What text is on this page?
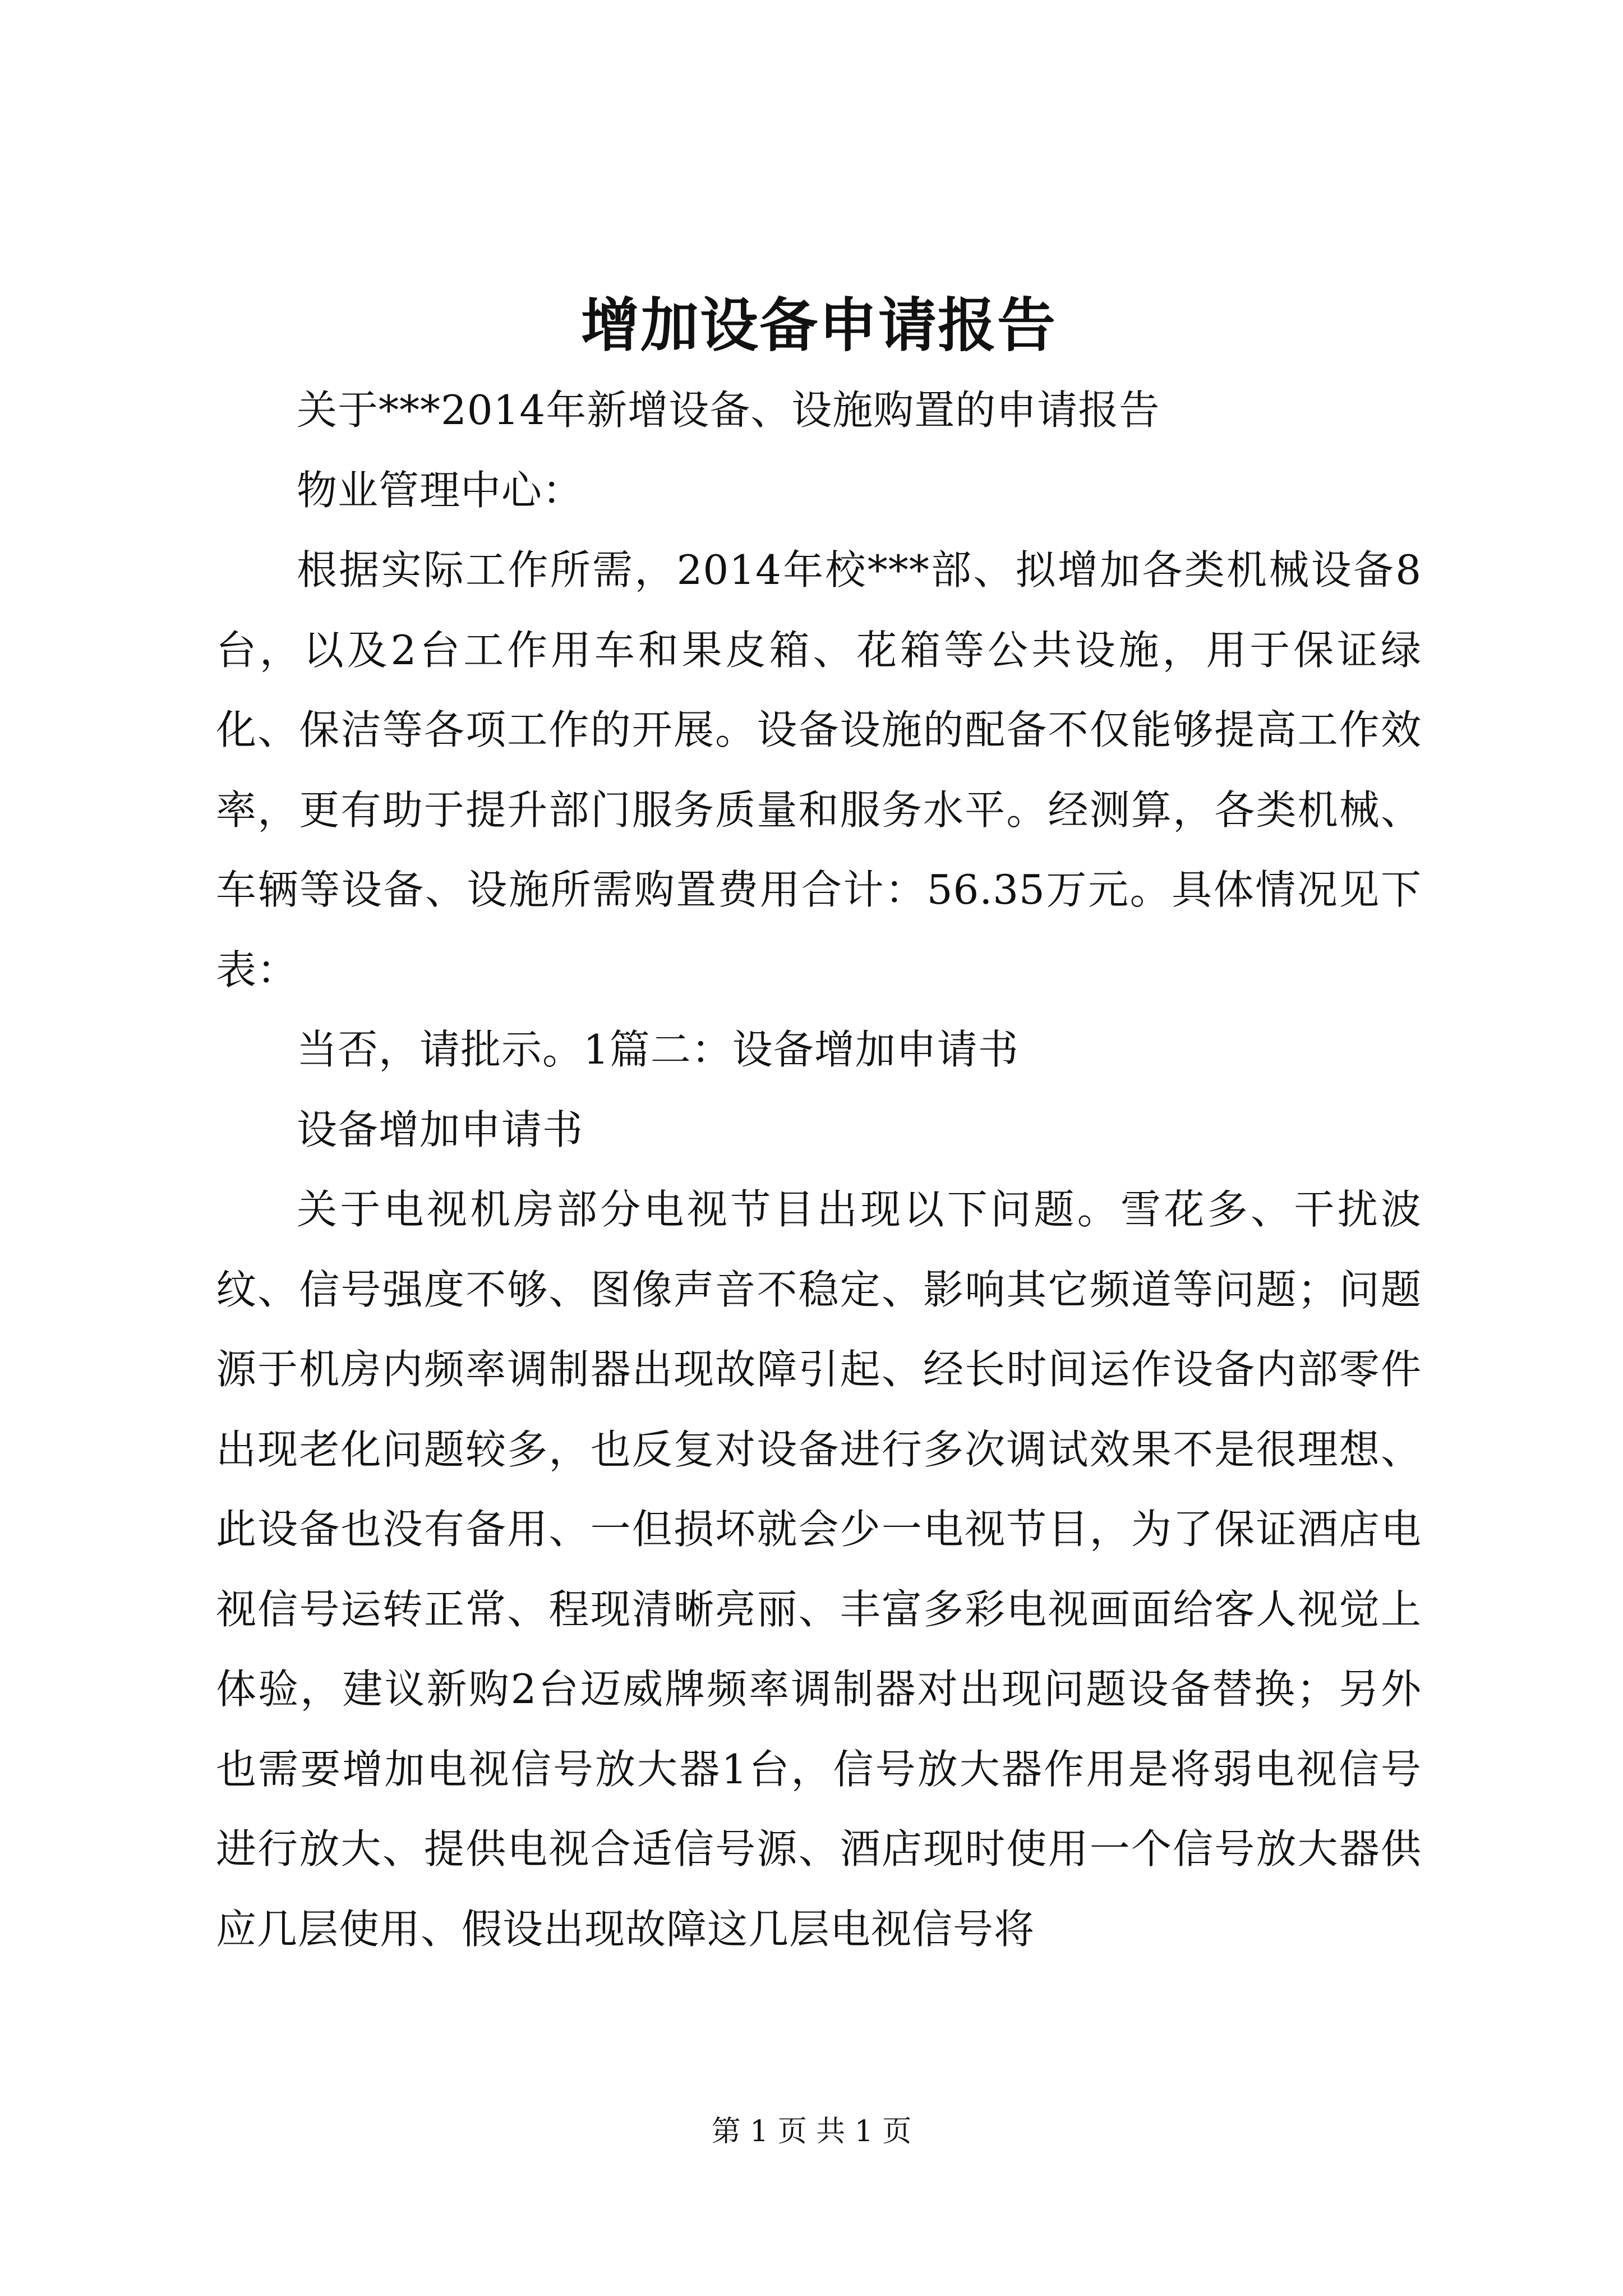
增加设备申请报告

关于***2014年新增设备、设施购置的申请报告

物业管理中心：

根据实际工作所需，2014年校***部、拟增加各类机械设备8台，以及2台工作用车和果皮箱、花箱等公共设施，用于保证绿化、保洁等各项工作的开展。设备设施的配备不仅能够提高工作效率，更有助于提升部门服务质量和服务水平。经测算，各类机械、车辆等设备、设施所需购置费用合计：56.35万元。具体情况见下表：

当否，请批示。1篇二：设备增加申请书

设备增加申请书

关于电视机房部分电视节目出现以下问题。雪花多、干扰波纹、信号强度不够、图像声音不稳定、影响其它频道等问题；问题源于机房内频率调制器出现故障引起、经长时间运作设备内部零件出现老化问题较多，也反复对设备进行多次调试效果不是很理想、此设备也没有备用、一但损坏就会少一电视节目，为了保证酒店电视信号运转正常、程现清晰亮丽、丰富多彩电视画面给客人视觉上体验，建议新购2台迈威牌频率调制器对出现问题设备替换；另外也需要增加电视信号放大器1台，信号放大器作用是将弱电视信号进行放大、提供电视合适信号源、酒店现时使用一个信号放大器供应几层使用、假设出现故障这几层电视信号将

第 1 页 共 1 页
